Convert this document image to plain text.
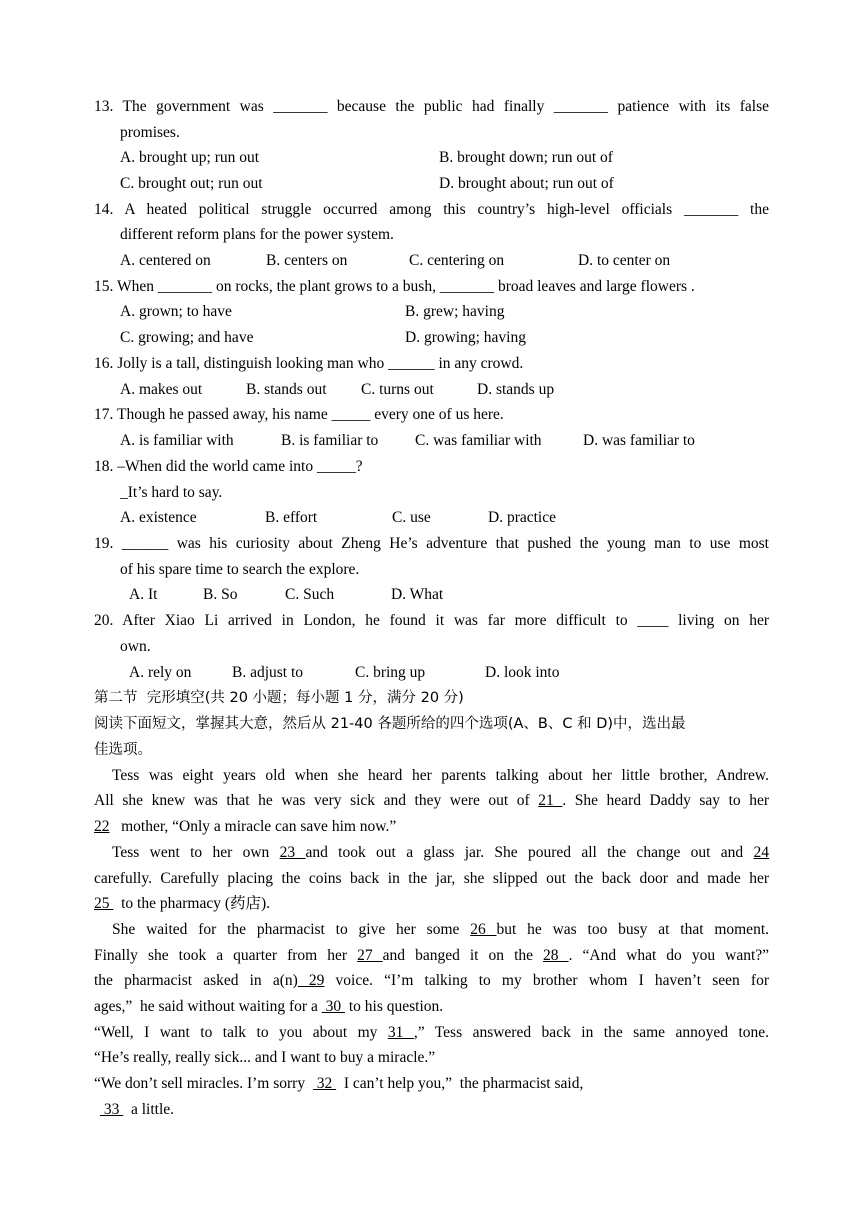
13. The government was _______ because the public had finally _______ patience with its false
promises.
A. brought up; run out	B. brought down; run out of
C. brought out; run out	D. brought about; run out of
14. A heated political struggle occurred among this country’s high-level officials _______ the
different reform plans for the power system.
A. centered on	B. centers on	C. centering on	D. to center on
15. When _______ on rocks, the plant grows to a bush, _______ broad leaves and large flowers .
A. grown; to have	B. grew; having
C. growing; and have	D. growing; having
16. Jolly is a tall, distinguish looking man who ______ in any crowd.
A. makes out	B. stands out C. turns out	D. stands up
17. Though he passed away, his name _____ every one of us here.
A. is familiar with	B. is familiar to C. was familiar with	D. was familiar to
18. –When did the world came into _____?
_It’s hard to say.
A. existence	B. effort	C. use	D. practice
19. ______ was his curiosity about Zheng He’s adventure that pushed the young man to use most
of his spare time to search the explore.
A. It	B. So	C. Such	D. What
20. After Xiao Li arrived in London, he found it was far more difficult to ____ living on her
own.
A. rely on	B. adjust to	C. bring up	D. look into
第二节  完形填空(共 20 小题；每小题 1 分，满分 20 分)
阅读下面短文，掌握其大意，然后从 21-40 各题所给的四个选项(A、B、C 和 D)中，选出最
佳选项。
Tess was eight years old when she heard her parents talking about her little brother, Andrew.
All she knew was that he was very sick and they were out of 21 . She heard Daddy say to her
22   mother, “Only a miracle can save him now.”
Tess went to her own 23 and took out a glass jar. She poured all the change out and 24
carefully. Carefully placing the coins back in the jar, she slipped out the back door and made her
25   to the pharmacy (药店).
She waited for the pharmacist to give her some 26 but he was too busy at that moment.
Finally she took a quarter from her 27 and banged it on the 28 . “And what do you want?”
the pharmacist asked in a(n) 29 voice. “I’m talking to my brother whom I haven’t seen for
ages,”  he said without waiting for a  30  to his question.
“Well, I want to talk to you about my 31 ,” Tess answered back in the same annoyed tone.
“He’s really, really sick... and I want to buy a miracle.”
“We don’t sell miracles. I’m sorry   32   I can’t help you,”  the pharmacist said,
33   a little.
